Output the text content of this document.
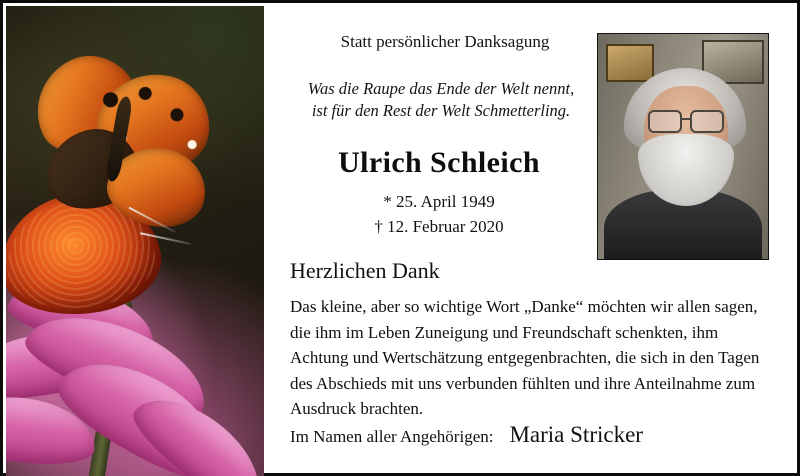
Statt persönlicher Danksagung
Was die Raupe das Ende der Welt nennt,
ist für den Rest der Welt Schmetterling.
Ulrich Schleich
* 25. April 1949
† 12. Februar 2020
Herzlichen Dank
Das kleine, aber so wichtige Wort „Danke“ möchten wir allen sagen, die ihm im Leben Zuneigung und Freundschaft schenkten, ihm Achtung und Wertschätzung entgegenbrachten, die sich in den Tagen des Abschieds mit uns verbunden fühlten und ihre Anteilnahme zum Ausdruck brachten.
Im Namen aller Angehörigen: Maria Stricker
